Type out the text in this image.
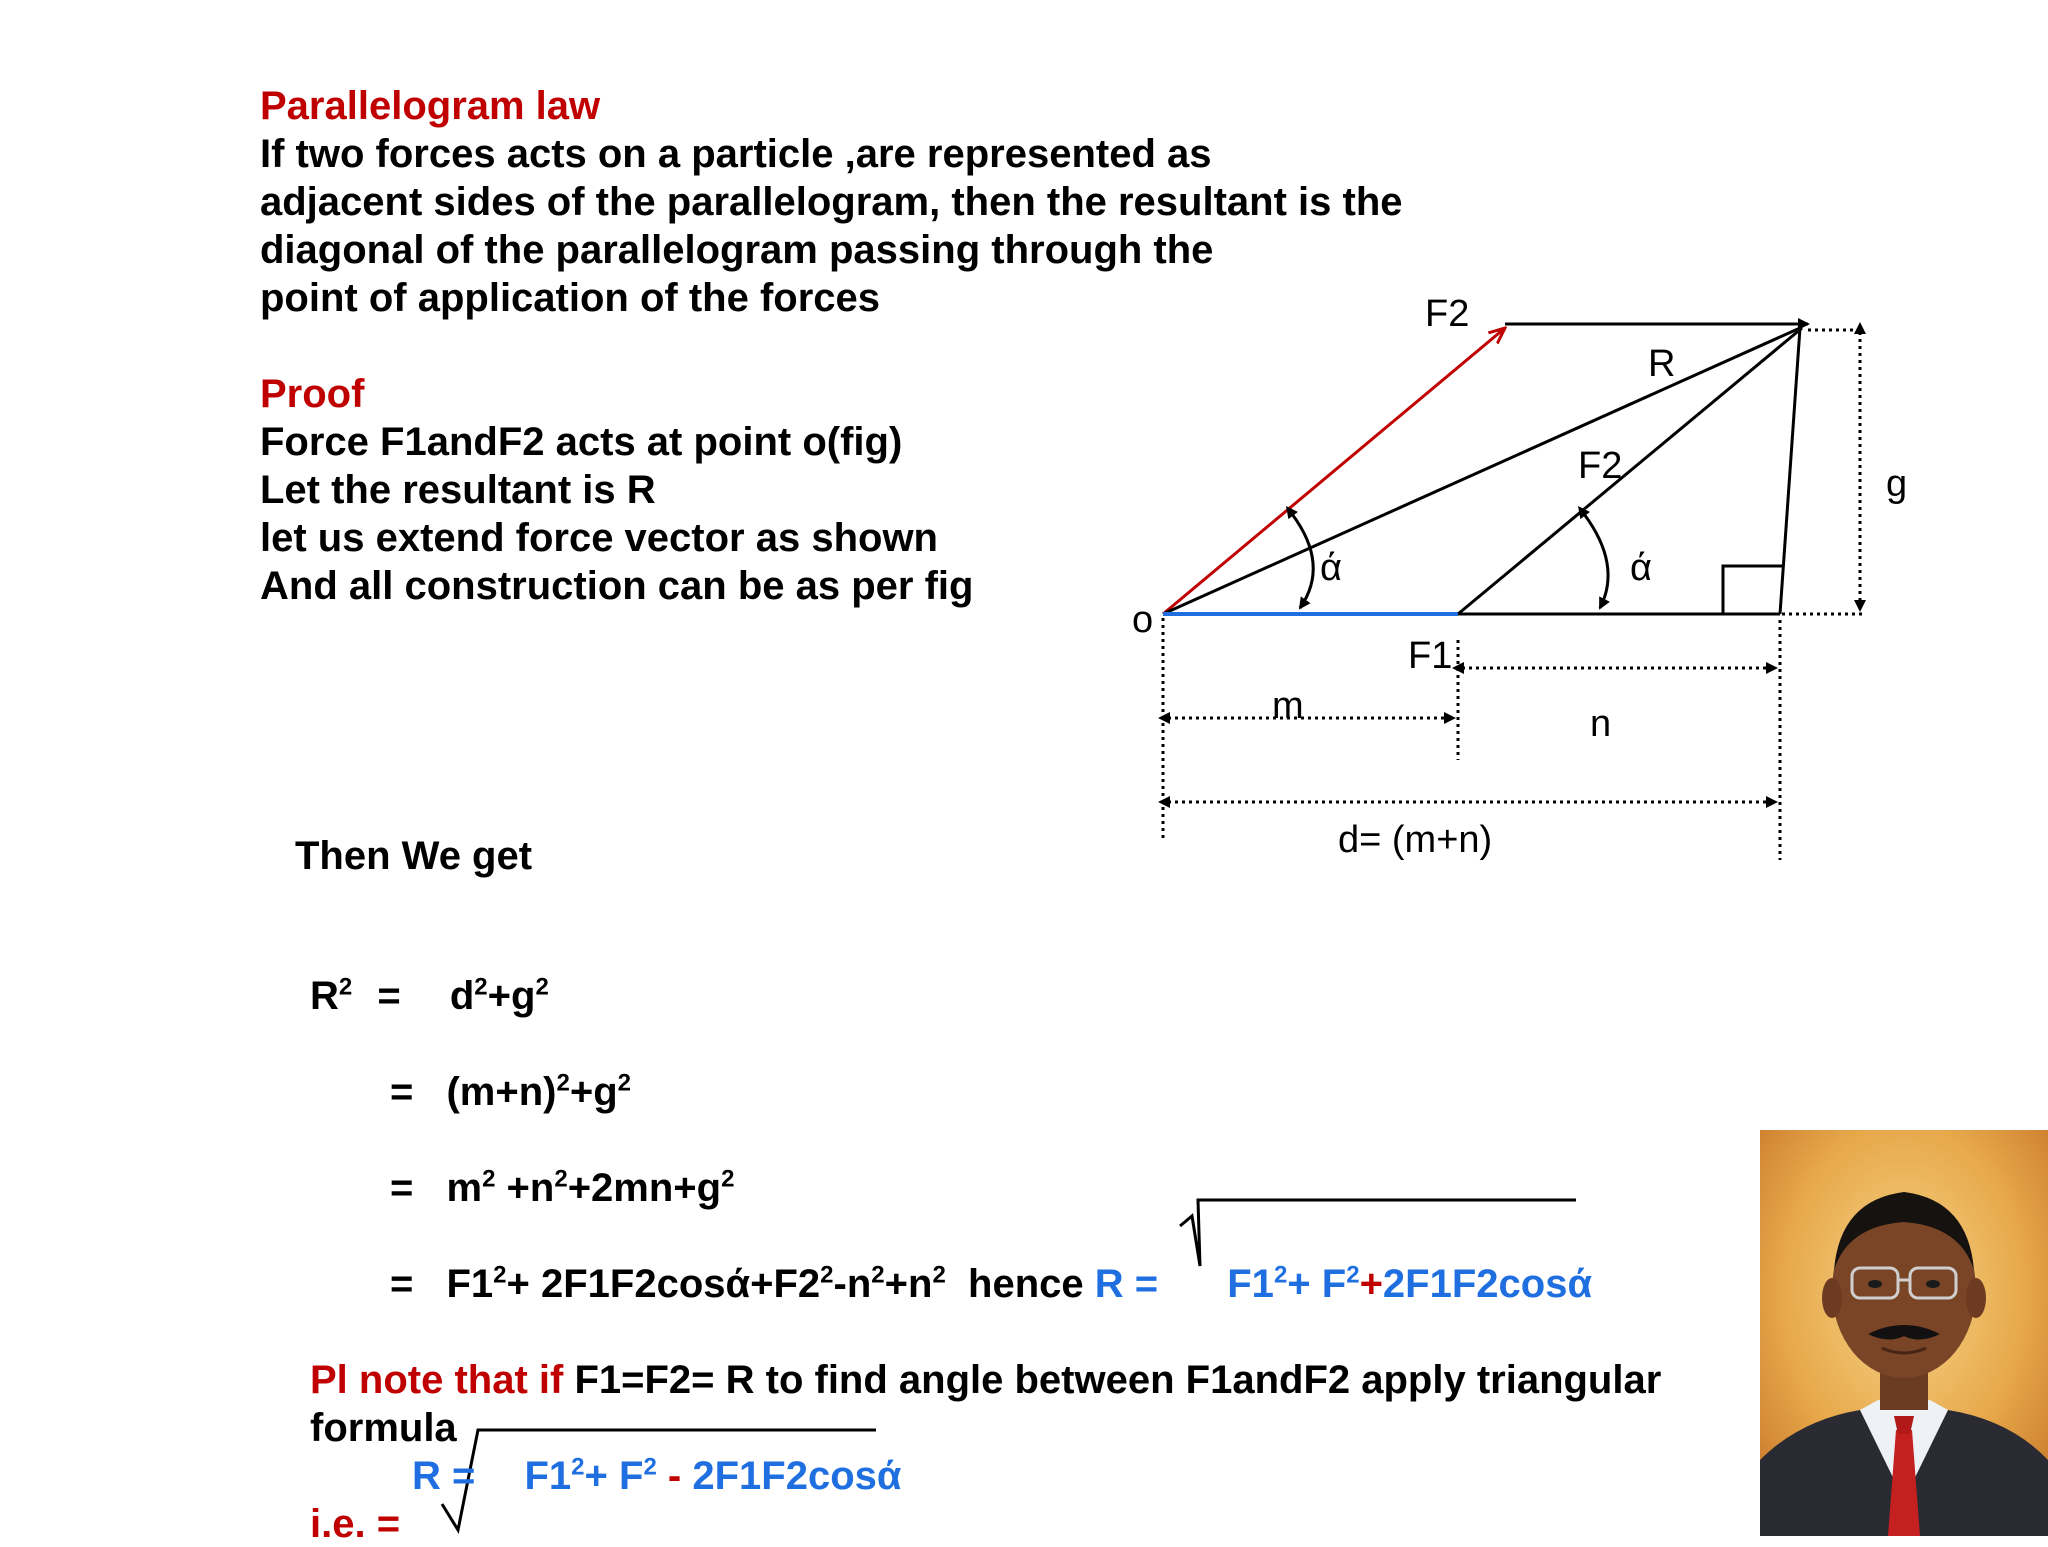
Parallelogram law
If two forces acts on a particle ,are represented as
adjacent sides of the parallelogram, then the resultant is the
diagonal of the parallelogram passing through the
point of application of the forces
Proof
Force F1andF2 acts at point o(fig)
Let the resultant is R
let us extend force vector as shown
And all construction can be as per fig
o
F1
F2
F2
R
g
ά	ά
m	n
d= (m+n)
Then We get
$R^2 = d^2+g^2$
= $(m+n)^2+g^2$
= $m^2 +n^2+2mn+g^2$
= $F1^2+ 2F1F2\cos ά+F2^2-n^2+n^2$  hence $R = F1^2+ F^2+2F1F2\cos ά$
Pl note that if F1=F2= R to find angle between F1andF2 apply triangular
formula
$R = F1^2+ F^2 - 2F1F2\cos ά$
i.e. =
